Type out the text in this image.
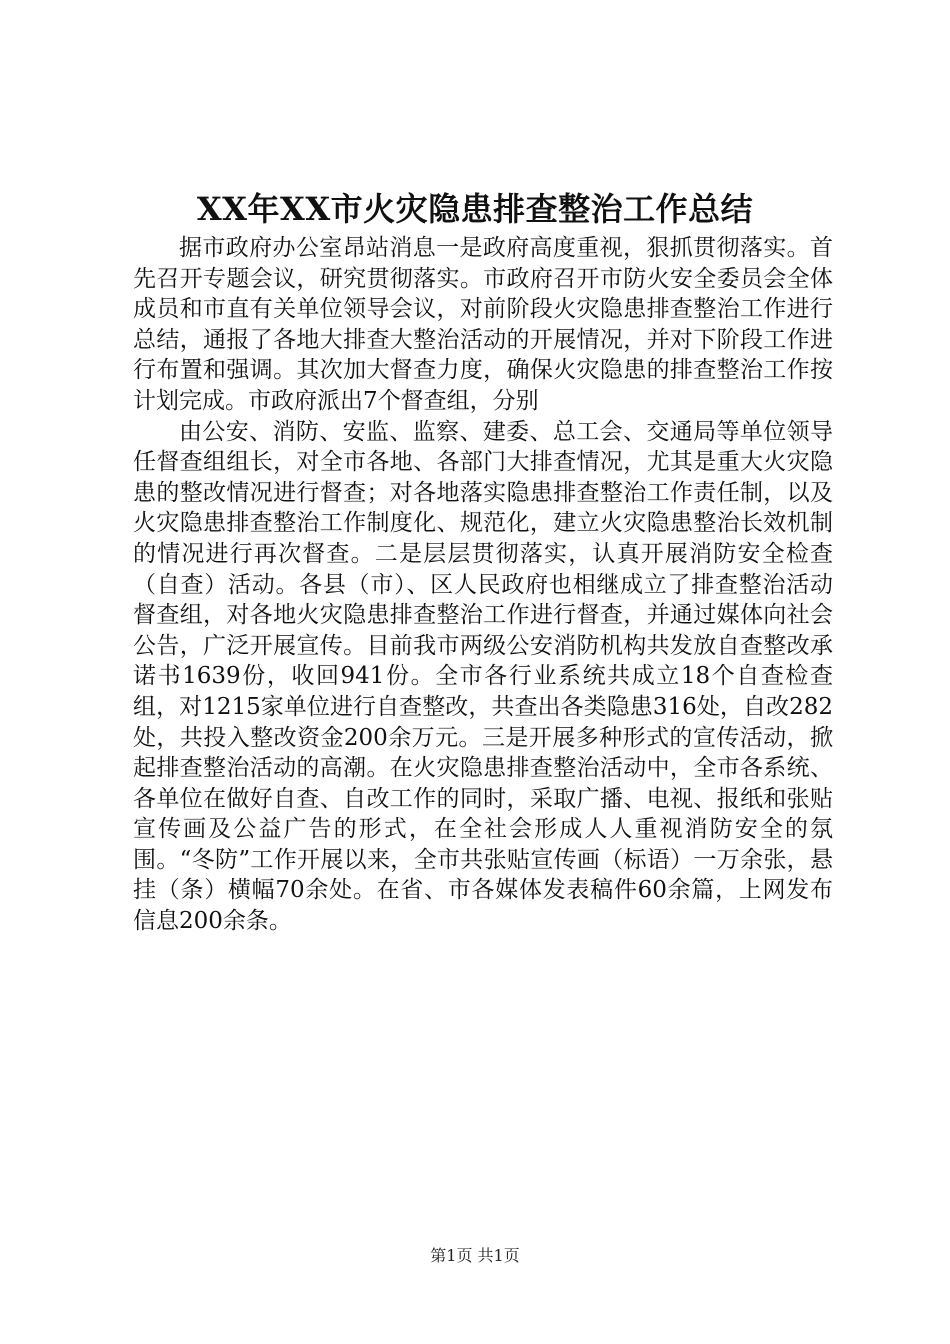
XX年XX市火灾隐患排查整治工作总结

据市政府办公室昂站消息一是政府高度重视，狠抓贯彻落实。首先召开专题会议，研究贯彻落实。市政府召开市防火安全委员会全体成员和市直有关单位领导会议，对前阶段火灾隐患排查整治工作进行总结，通报了各地大排查大整治活动的开展情况，并对下阶段工作进行布置和强调。其次加大督查力度，确保火灾隐患的排查整治工作按计划完成。市政府派出7个督查组，分别

由公安、消防、安监、监察、建委、总工会、交通局等单位领导任督查组组长，对全市各地、各部门大排查情况，尤其是重大火灾隐患的整改情况进行督查；对各地落实隐患排查整治工作责任制，以及火灾隐患排查整治工作制度化、规范化，建立火灾隐患整治长效机制的情况进行再次督查。二是层层贯彻落实，认真开展消防安全检查（自查）活动。各县（市）、区人民政府也相继成立了排查整治活动督查组，对各地火灾隐患排查整治工作进行督查，并通过媒体向社会公告，广泛开展宣传。目前我市两级公安消防机构共发放自查整改承诺书1639份，收回941份。全市各行业系统共成立18个自查检查组，对1215家单位进行自查整改，共查出各类隐患316处，自改282处，共投入整改资金200余万元。三是开展多种形式的宣传活动，掀起排查整治活动的高潮。在火灾隐患排查整治活动中，全市各系统、各单位在做好自查、自改工作的同时，采取广播、电视、报纸和张贴宣传画及公益广告的形式，在全社会形成人人重视消防安全的氛围。“冬防”工作开展以来，全市共张贴宣传画（标语）一万余张，悬挂（条）横幅70余处。在省、市各媒体发表稿件60余篇，上网发布信息200余条。

第1页 共1页
